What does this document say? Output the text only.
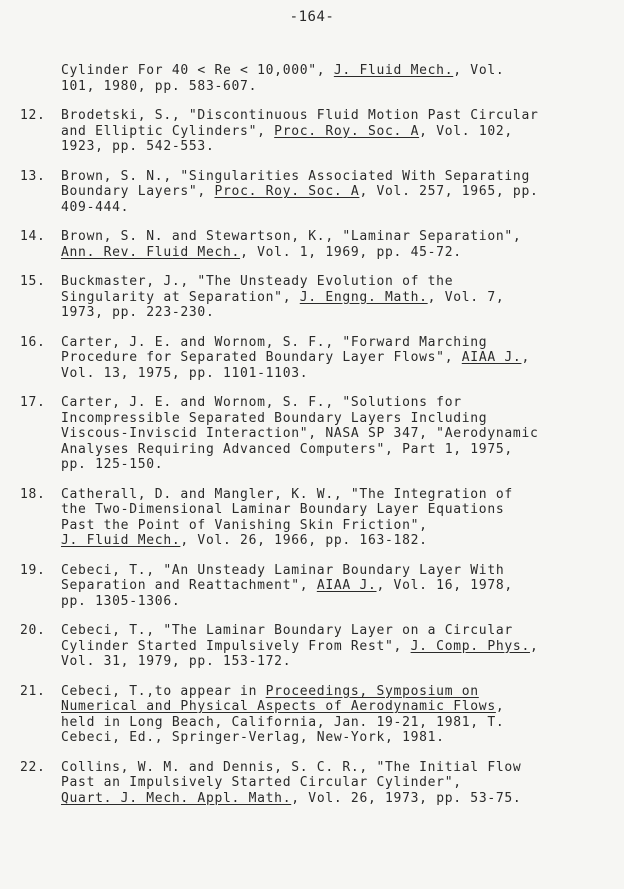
-164-
Cylinder For 40 < Re < 10,000", J. Fluid Mech., Vol.
101, 1980, pp. 583-607.
12.	Brodetski, S., "Discontinuous Fluid Motion Past Circular
and Elliptic Cylinders", Proc. Roy. Soc. A, Vol. 102,
1923, pp. 542-553.
13.	Brown, S. N., "Singularities Associated With Separating
Boundary Layers", Proc. Roy. Soc. A, Vol. 257, 1965, pp.
409-444.
14.	Brown, S. N. and Stewartson, K., "Laminar Separation",
Ann. Rev. Fluid Mech., Vol. 1, 1969, pp. 45-72.
15.	Buckmaster, J., "The Unsteady Evolution of the
Singularity at Separation", J. Engng. Math., Vol. 7,
1973, pp. 223-230.
16.	Carter, J. E. and Wornom, S. F., "Forward Marching
Procedure for Separated Boundary Layer Flows", AIAA J.,
Vol. 13, 1975, pp. 1101-1103.
17.	Carter, J. E. and Wornom, S. F., "Solutions for
Incompressible Separated Boundary Layers Including
Viscous-Inviscid Interaction", NASA SP 347, "Aerodynamic
Analyses Requiring Advanced Computers", Part 1, 1975,
pp. 125-150.
18.	Catherall, D. and Mangler, K. W., "The Integration of
the Two-Dimensional Laminar Boundary Layer Equations
Past the Point of Vanishing Skin Friction",
J. Fluid Mech., Vol. 26, 1966, pp. 163-182.
19.	Cebeci, T., "An Unsteady Laminar Boundary Layer With
Separation and Reattachment", AIAA J., Vol. 16, 1978,
pp. 1305-1306.
20.	Cebeci, T., "The Laminar Boundary Layer on a Circular
Cylinder Started Impulsively From Rest", J. Comp. Phys.,
Vol. 31, 1979, pp. 153-172.
21.	Cebeci, T.,to appear in Proceedings, Symposium on
Numerical and Physical Aspects of Aerodynamic Flows,
held in Long Beach, California, Jan. 19-21, 1981, T.
Cebeci, Ed., Springer-Verlag, New-York, 1981.
22.	Collins, W. M. and Dennis, S. C. R., "The Initial Flow
Past an Impulsively Started Circular Cylinder",
Quart. J. Mech. Appl. Math., Vol. 26, 1973, pp. 53-75.
